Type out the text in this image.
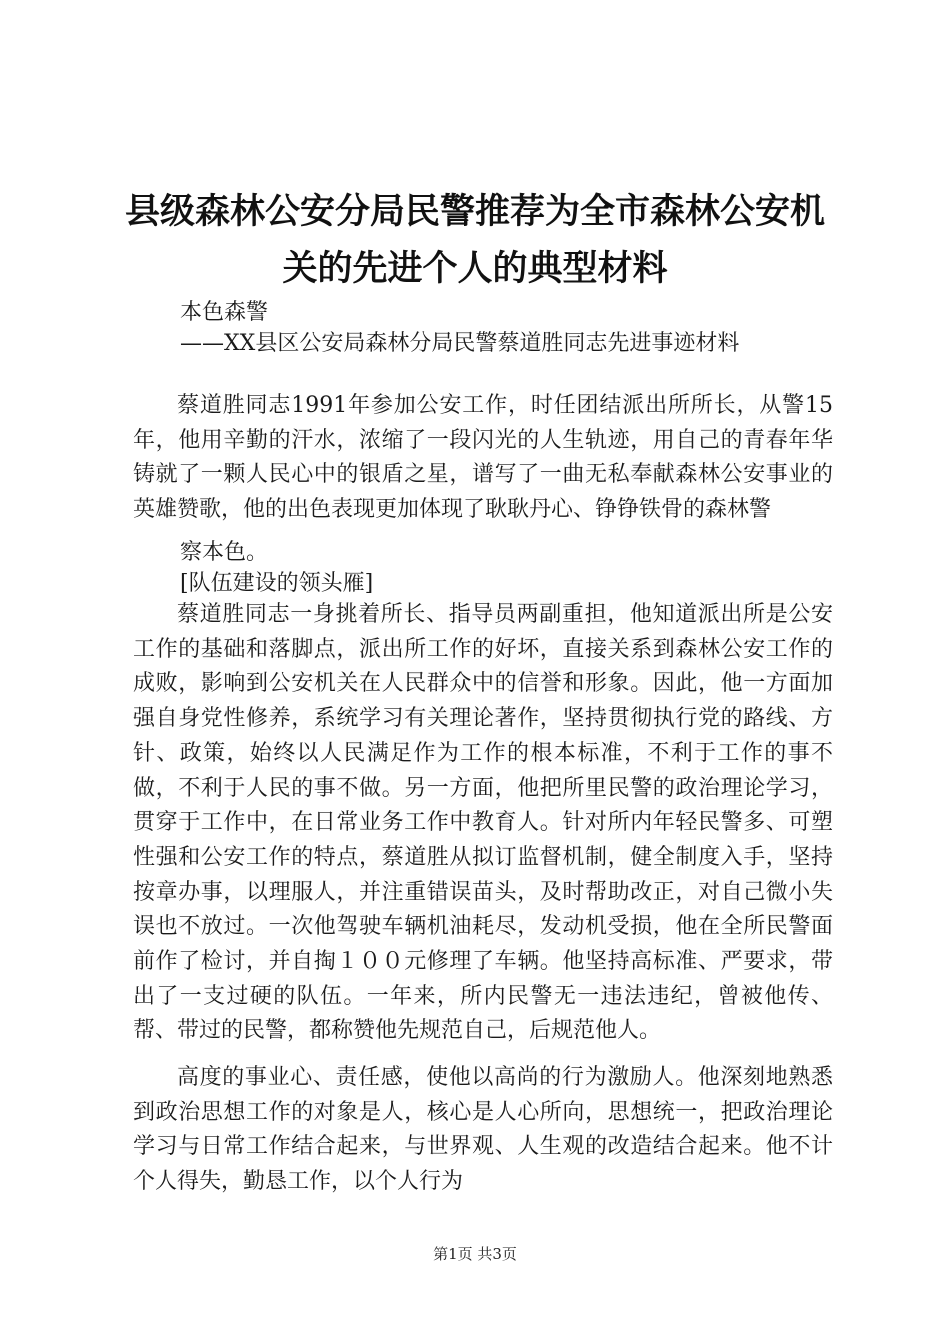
县级森林公安分局民警推荐为全市森林公安机
关的先进个人的典型材料
本色森警
——XX县区公安局森林分局民警蔡道胜同志先进事迹材料
蔡道胜同志1991年参加公安工作，时任团结派出所所长，从警15年，他用辛勤的汗水，浓缩了一段闪光的人生轨迹，用自己的青春年华铸就了一颗人民心中的银盾之星，谱写了一曲无私奉献森林公安事业的英雄赞歌，他的出色表现更加体现了耿耿丹心、铮铮铁骨的森林警
察本色。
[队伍建设的领头雁]
蔡道胜同志一身挑着所长、指导员两副重担，他知道派出所是公安工作的基础和落脚点，派出所工作的好坏，直接关系到森林公安工作的成败，影响到公安机关在人民群众中的信誉和形象。因此，他一方面加强自身党性修养，系统学习有关理论著作，坚持贯彻执行党的路线、方针、政策，始终以人民满足作为工作的根本标准，不利于工作的事不做，不利于人民的事不做。另一方面，他把所里民警的政治理论学习，贯穿于工作中，在日常业务工作中教育人。针对所内年轻民警多、可塑性强和公安工作的特点，蔡道胜从拟订监督机制，健全制度入手，坚持按章办事，以理服人，并注重错误苗头，及时帮助改正，对自己微小失误也不放过。一次他驾驶车辆机油耗尽，发动机受损，他在全所民警面前作了检讨，并自掏１００元修理了车辆。他坚持高标准、严要求，带出了一支过硬的队伍。一年来，所内民警无一违法违纪，曾被他传、帮、带过的民警，都称赞他先规范自己，后规范他人。
高度的事业心、责任感，使他以高尚的行为激励人。他深刻地熟悉到政治思想工作的对象是人，核心是人心所向，思想统一，把政治理论学习与日常工作结合起来，与世界观、人生观的改造结合起来。他不计个人得失，勤恳工作，以个人行为
第1页 共3页
